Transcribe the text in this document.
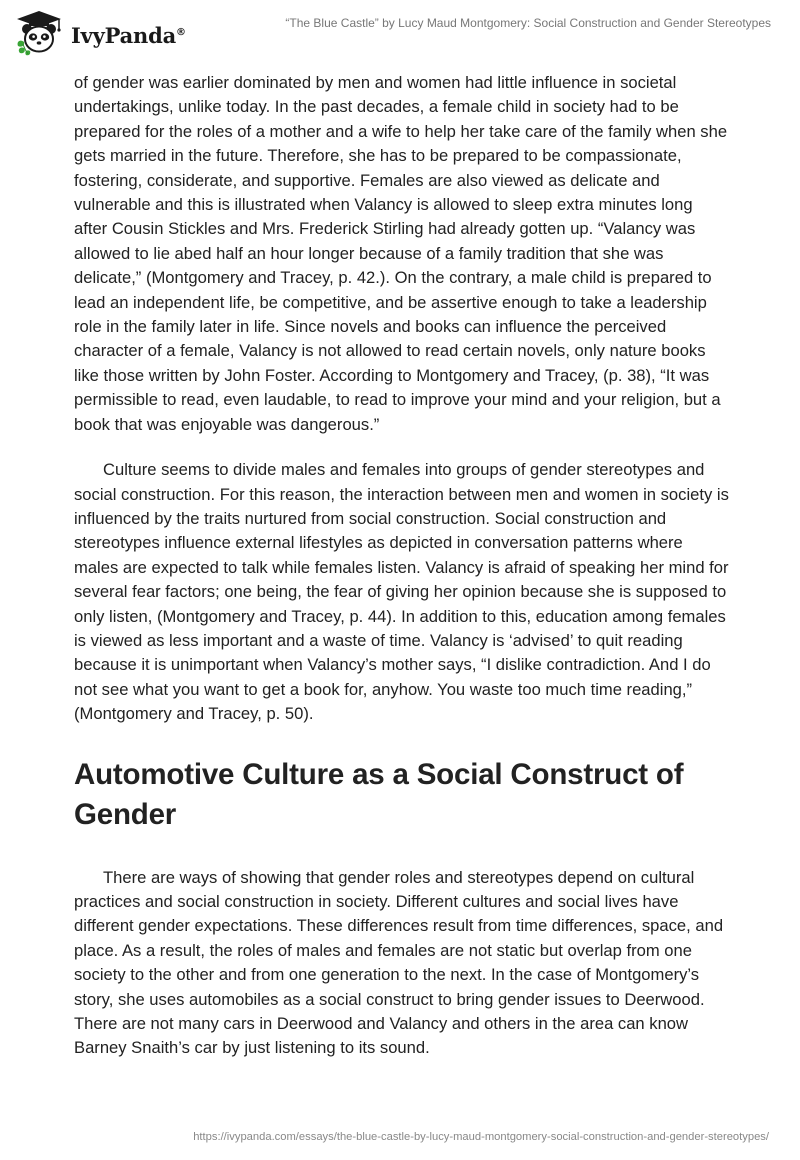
IvyPanda®
“The Blue Castle” by Lucy Maud Montgomery: Social Construction and Gender Stereotypes

of gender was earlier dominated by men and women had little influence in societal undertakings, unlike today. In the past decades, a female child in society had to be prepared for the roles of a mother and a wife to help her take care of the family when she gets married in the future. Therefore, she has to be prepared to be compassionate, fostering, considerate, and supportive. Females are also viewed as delicate and vulnerable and this is illustrated when Valancy is allowed to sleep extra minutes long after Cousin Stickles and Mrs. Frederick Stirling had already gotten up. “Valancy was allowed to lie abed half an hour longer because of a family tradition that she was delicate,” (Montgomery and Tracey, p. 42.). On the contrary, a male child is prepared to lead an independent life, be competitive, and be assertive enough to take a leadership role in the family later in life. Since novels and books can influence the perceived character of a female, Valancy is not allowed to read certain novels, only nature books like those written by John Foster. According to Montgomery and Tracey, (p. 38), “It was permissible to read, even laudable, to read to improve your mind and your religion, but a book that was enjoyable was dangerous.”

Culture seems to divide males and females into groups of gender stereotypes and social construction. For this reason, the interaction between men and women in society is influenced by the traits nurtured from social construction. Social construction and stereotypes influence external lifestyles as depicted in conversation patterns where males are expected to talk while females listen. Valancy is afraid of speaking her mind for several fear factors; one being, the fear of giving her opinion because she is supposed to only listen, (Montgomery and Tracey, p. 44). In addition to this, education among females is viewed as less important and a waste of time. Valancy is ‘advised’ to quit reading because it is unimportant when Valancy’s mother says, “I dislike contradiction. And I do not see what you want to get a book for, anyhow. You waste too much time reading,” (Montgomery and Tracey, p. 50).

Automotive Culture as a Social Construct of Gender

There are ways of showing that gender roles and stereotypes depend on cultural practices and social construction in society. Different cultures and social lives have different gender expectations. These differences result from time differences, space, and place. As a result, the roles of males and females are not static but overlap from one society to the other and from one generation to the next. In the case of Montgomery’s story, she uses automobiles as a social construct to bring gender issues to Deerwood. There are not many cars in Deerwood and Valancy and others in the area can know Barney Snaith’s car by just listening to its sound.

https://ivypanda.com/essays/the-blue-castle-by-lucy-maud-montgomery-social-construction-and-gender-stereotypes/
